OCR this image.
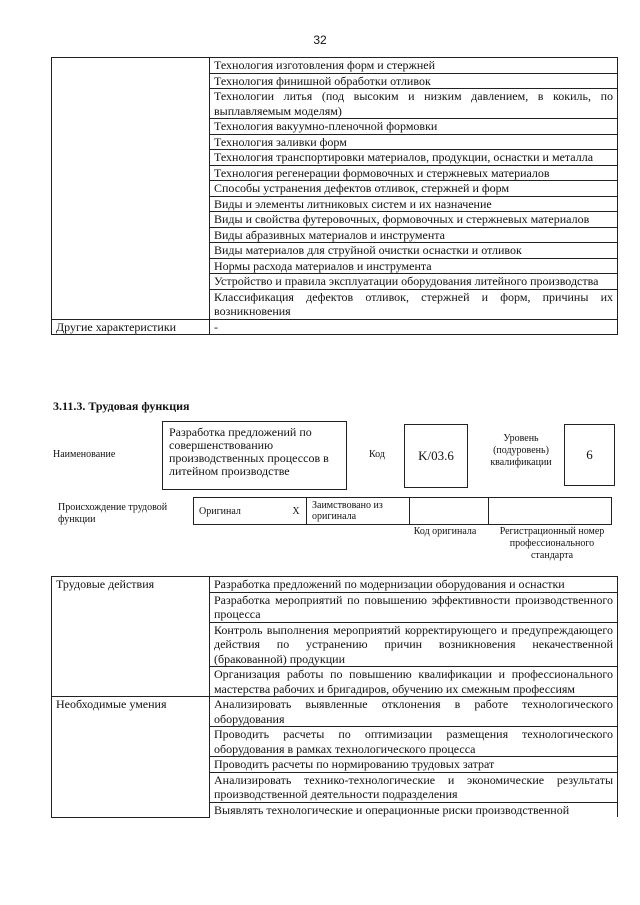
32
	Технология изготовления форм и стержней
	Технология финишной обработки отливок
	Технологии литья (под высоким и низким давлением, в кокиль, по выплавляемым моделям)
	Технология вакуумно-пленочной формовки
	Технология заливки форм
	Технология транспортировки материалов, продукции, оснастки и металла
	Технология регенерации формовочных и стержневых материалов
	Способы устранения дефектов отливок, стержней и форм
	Виды и элементы литниковых систем и их назначение
	Виды и свойства футеровочных, формовочных и стержневых материалов
	Виды абразивных материалов и инструмента
	Виды материалов для струйной очистки оснастки и отливок
	Нормы расхода материалов и инструмента
	Устройство и правила эксплуатации оборудования литейного производства
	Классификация дефектов отливок, стержней и форм, причины их возникновения
Другие характеристики	-
3.11.3. Трудовая функция
Наименование
Разработка предложений по совершенствованию производственных процессов в литейном производстве
Код	K/03.6
Уровень (подуровень) квалификации
6
Происхождение трудовой функции
Оригинал	X	Заимствовано из оригинала		
Код оригинала	Регистрационный номер профессионального стандарта
Трудовые действия	Разработка предложений по модернизации оборудования и оснастки
	Разработка мероприятий по повышению эффективности производственного процесса
	Контроль выполнения мероприятий корректирующего и предупреждающего действия по устранению причин возникновения некачественной (бракованной) продукции
	Организация работы по повышению квалификации и профессионального мастерства рабочих и бригадиров, обучению их смежным профессиям
Необходимые умения	Анализировать выявленные отклонения в работе технологического оборудования
	Проводить расчеты по оптимизации размещения технологического оборудования в рамках технологического процесса
	Проводить расчеты по нормированию трудовых затрат
	Анализировать технико-технологические и экономические результаты производственной деятельности подразделения
	Выявлять технологические и операционные риски производственной
